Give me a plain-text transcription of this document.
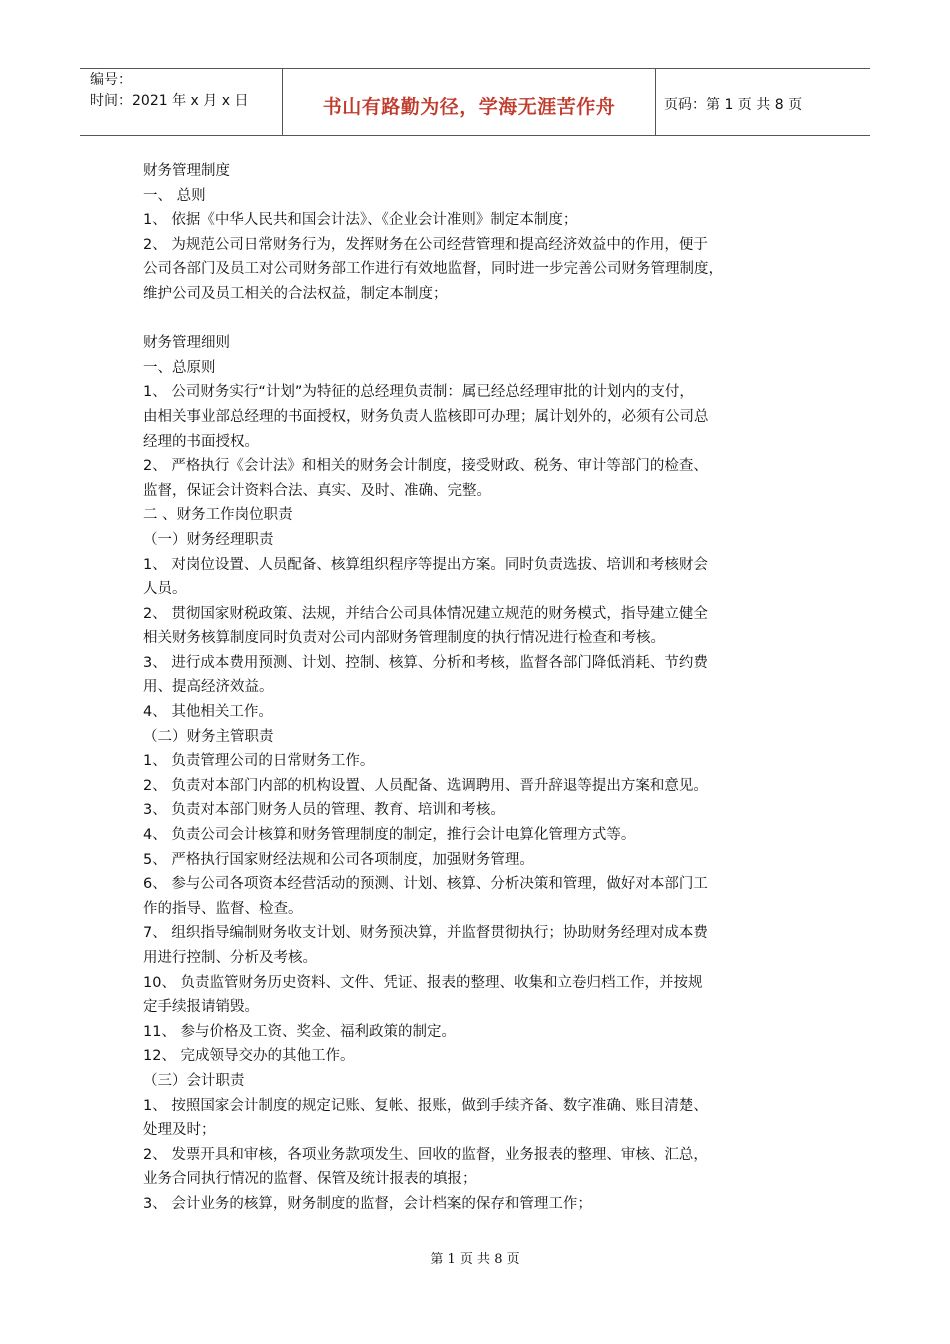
编号：
时间：2021 年 x 月 x 日	书山有路勤为径，学海无涯苦作舟	页码：第 1 页 共 8 页
财务管理制度
一、 总则
1、 依据《中华人民共和国会计法》、《企业会计准则》制定本制度；
2、 为规范公司日常财务行为，发挥财务在公司经营管理和提高经济效益中的作用，便于
公司各部门及员工对公司财务部工作进行有效地监督，同时进一步完善公司财务管理制度，
维护公司及员工相关的合法权益，制定本制度；
财务管理细则
一、总原则
1、 公司财务实行“计划”为特征的总经理负责制：属已经总经理审批的计划内的支付，
由相关事业部总经理的书面授权，财务负责人监核即可办理；属计划外的，必须有公司总
经理的书面授权。
2、 严格执行《会计法》和相关的财务会计制度，接受财政、税务、审计等部门的检查、
监督，保证会计资料合法、真实、及时、准确、完整。
二 、财务工作岗位职责
（一）财务经理职责
1、 对岗位设置、人员配备、核算组织程序等提出方案。同时负责选拔、培训和考核财会
人员。
2、 贯彻国家财税政策、法规，并结合公司具体情况建立规范的财务模式，指导建立健全
相关财务核算制度同时负责对公司内部财务管理制度的执行情况进行检查和考核。
3、 进行成本费用预测、计划、控制、核算、分析和考核，监督各部门降低消耗、节约费
用、提高经济效益。
4、 其他相关工作。
（二）财务主管职责
1、 负责管理公司的日常财务工作。
2、 负责对本部门内部的机构设置、人员配备、选调聘用、晋升辞退等提出方案和意见。
3、 负责对本部门财务人员的管理、教育、培训和考核。
4、 负责公司会计核算和财务管理制度的制定，推行会计电算化管理方式等。
5、 严格执行国家财经法规和公司各项制度，加强财务管理。
6、 参与公司各项资本经营活动的预测、计划、核算、分析决策和管理，做好对本部门工
作的指导、监督、检查。
7、 组织指导编制财务收支计划、财务预决算，并监督贯彻执行；协助财务经理对成本费
用进行控制、分析及考核。
10、 负责监管财务历史资料、文件、凭证、报表的整理、收集和立卷归档工作，并按规
定手续报请销毁。
11、 参与价格及工资、奖金、福利政策的制定。
12、 完成领导交办的其他工作。
（三）会计职责
1、 按照国家会计制度的规定记账、复帐、报账，做到手续齐备、数字准确、账目清楚、
处理及时；
2、 发票开具和审核，各项业务款项发生、回收的监督，业务报表的整理、审核、汇总，
业务合同执行情况的监督、保管及统计报表的填报；
3、 会计业务的核算，财务制度的监督，会计档案的保存和管理工作；
第 1 页 共 8 页
